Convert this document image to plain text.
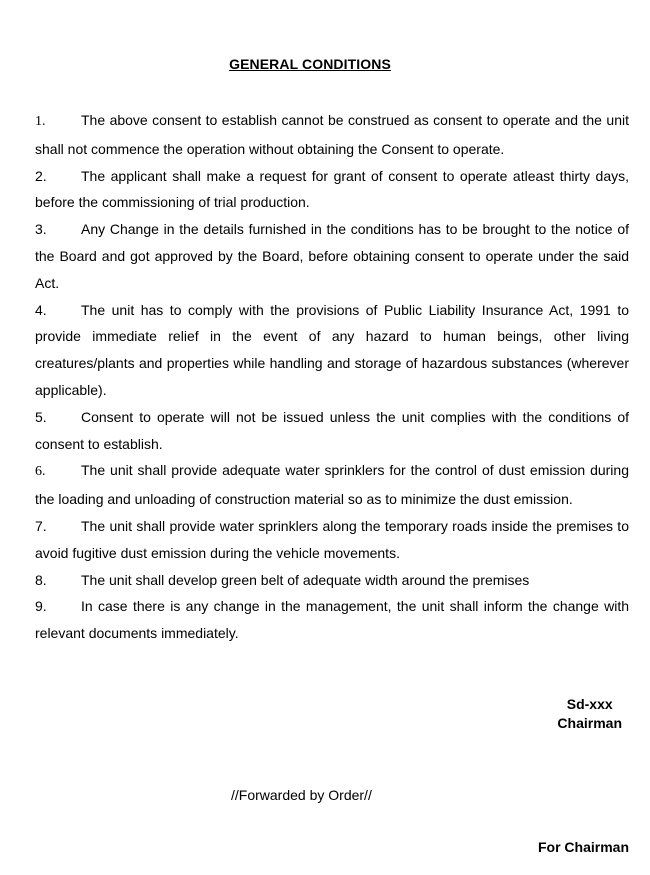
GENERAL CONDITIONS
1.	The above consent to establish cannot be construed as consent to operate and the unit shall not commence the operation without obtaining the Consent to operate.
2. The applicant shall make a request for grant of consent to operate atleast thirty days, before the commissioning of trial production.
3. Any Change in the details furnished in the conditions has to be brought to the notice of the Board and got approved by the Board, before obtaining consent to operate under the said Act.
4. The unit has to comply with the provisions of Public Liability Insurance Act, 1991 to provide immediate relief in the event of any hazard to human beings, other living creatures/plants and properties while handling and storage of hazardous substances (wherever applicable).
5. Consent to operate will not be issued unless the unit complies with the conditions of consent to establish.
6.	The unit shall provide adequate water sprinklers for the control of dust emission during the loading and unloading of construction material so as to minimize the dust emission.
7. The unit shall provide water sprinklers along the temporary roads inside the premises to avoid fugitive dust emission during the vehicle movements.
8. The unit shall develop green belt of adequate width around the premises
9. In case there is any change in the management, the unit shall inform the change with relevant documents immediately.
Sd-xxx
Chairman
//Forwarded by Order//
For Chairman
